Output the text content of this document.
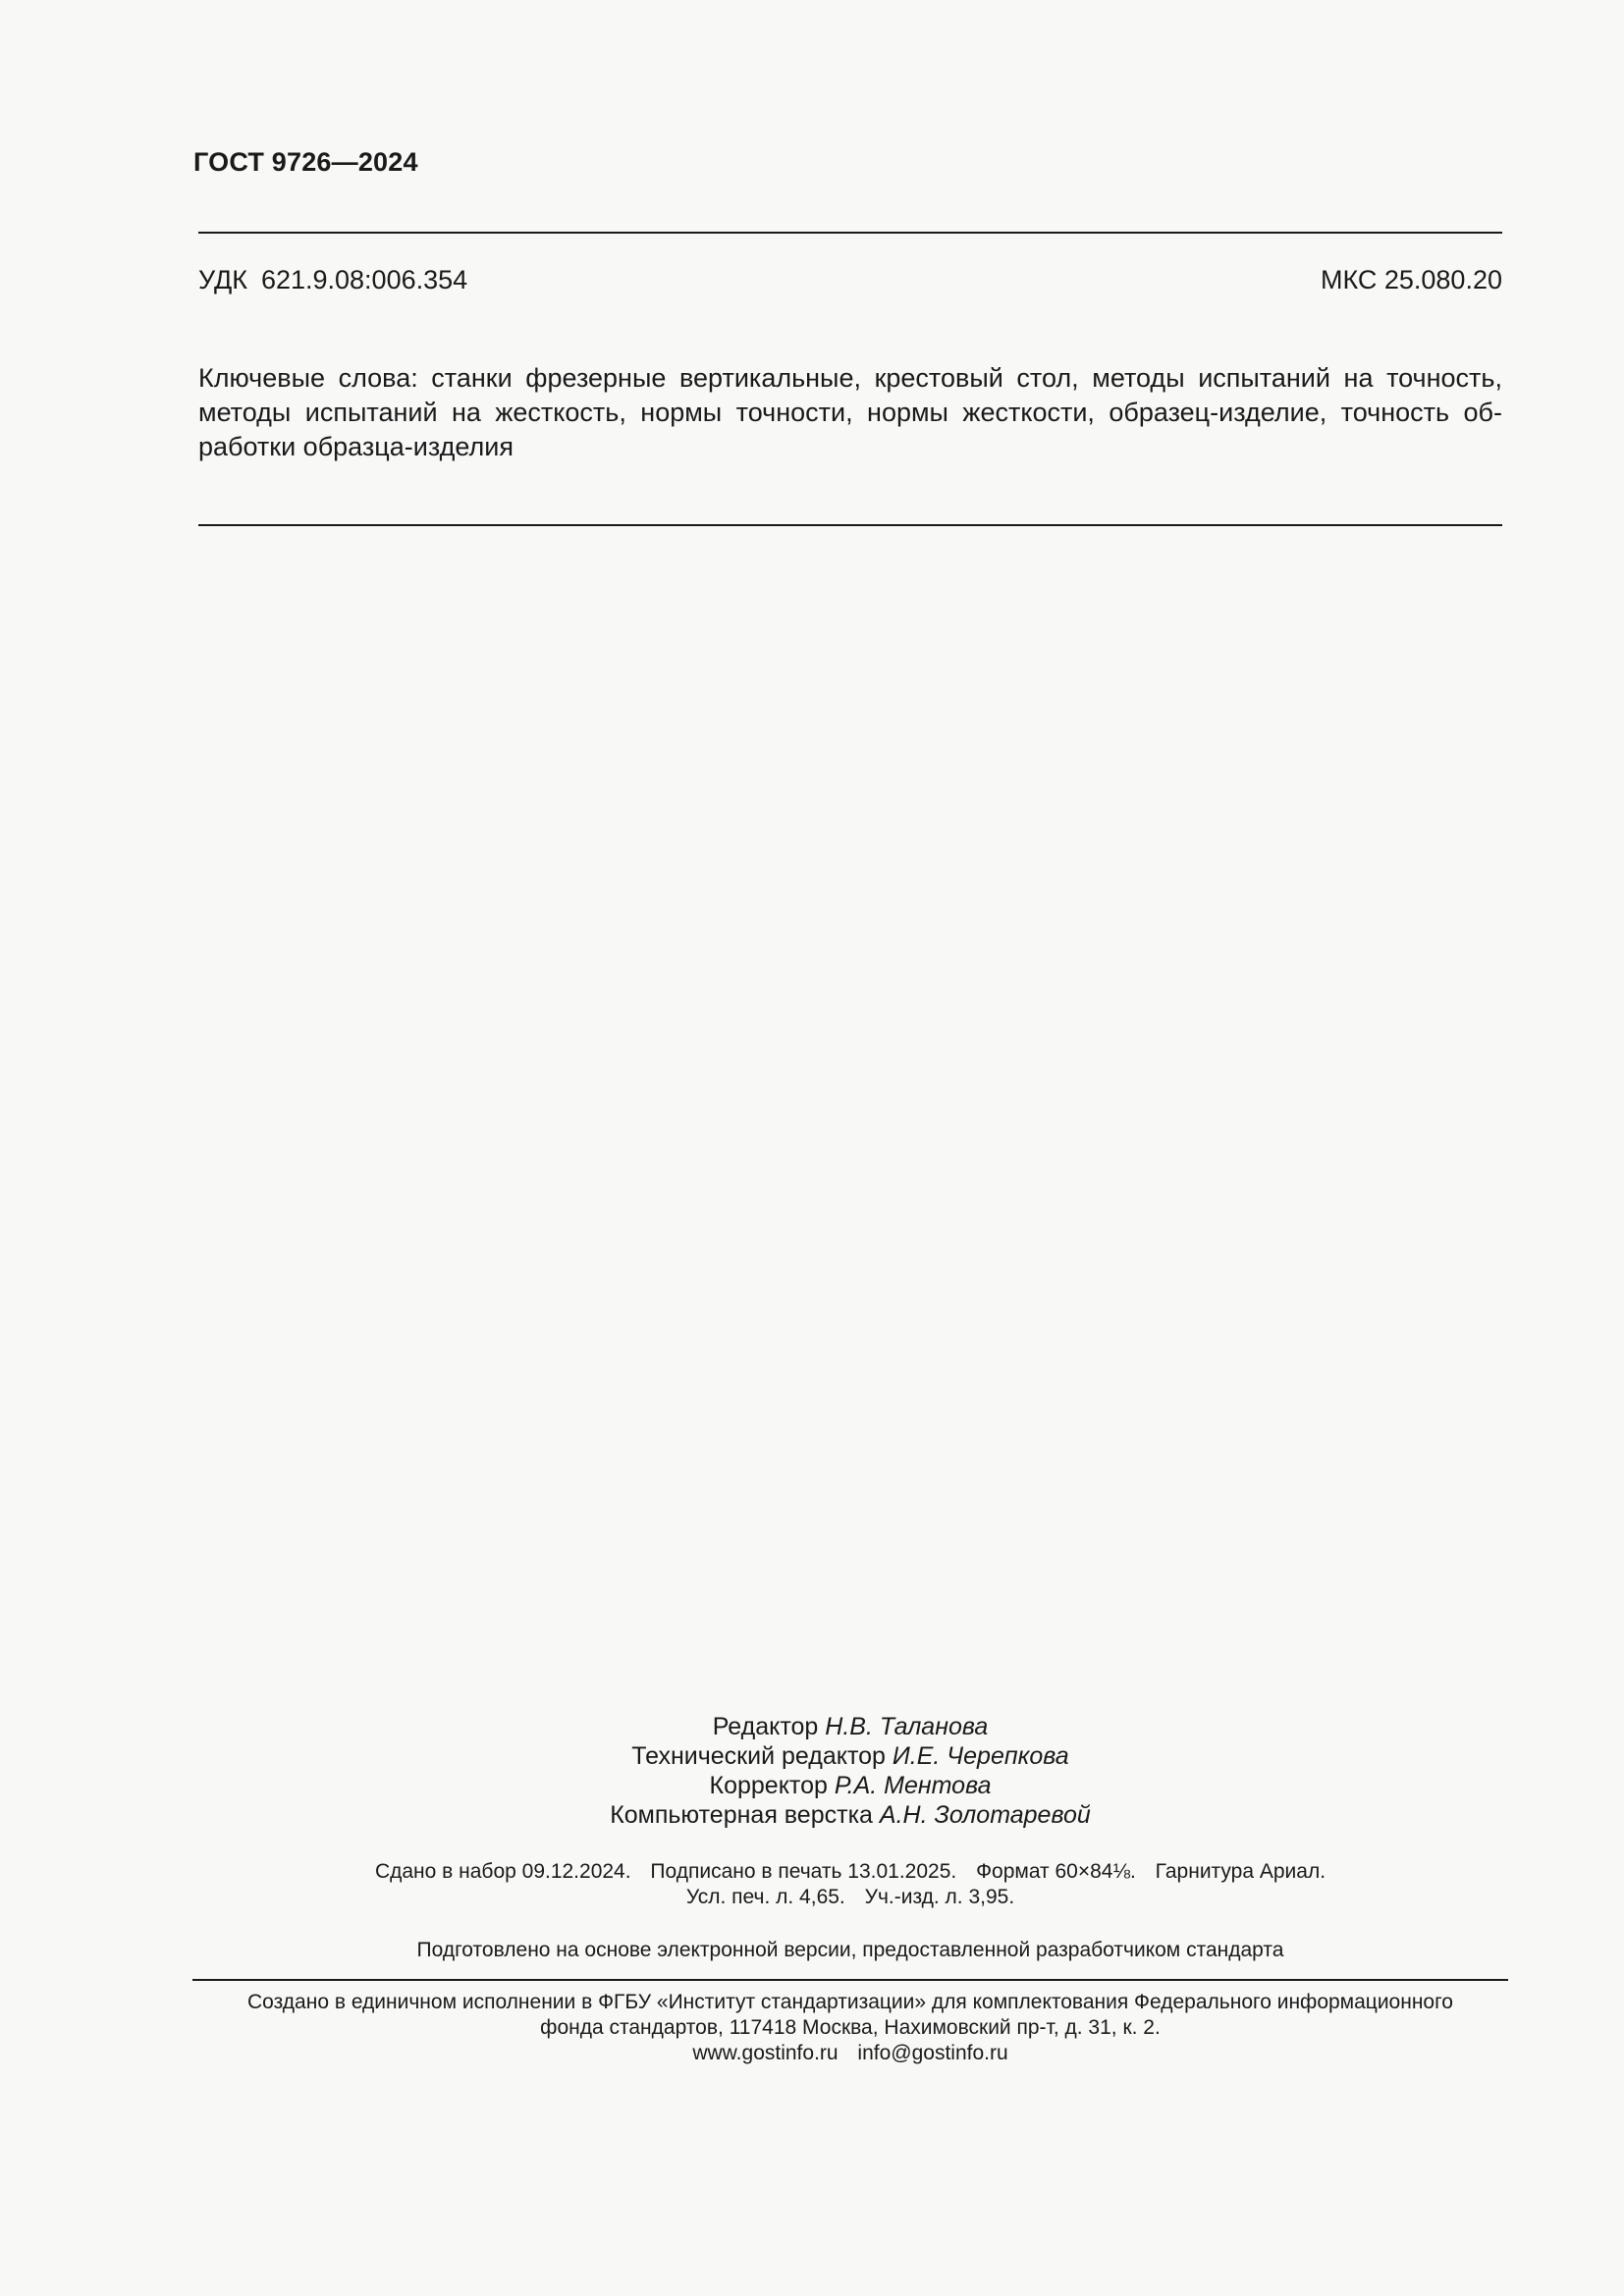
ГОСТ 9726—2024
УДК 621.9.08:006.354	МКС 25.080.20
Ключевые слова: станки фрезерные вертикальные, крестовый стол, методы испытаний на точность, методы испытаний на жесткость, нормы точности, нормы жесткости, образец-изделие, точность обработки образца-изделия
Редактор Н.В. Таланова
Технический редактор И.Е. Черепкова
Корректор Р.А. Ментова
Компьютерная верстка А.Н. Золотаревой
Сдано в набор 09.12.2024. Подписано в печать 13.01.2025. Формат 60×84⅛. Гарнитура Ариал.
Усл. печ. л. 4,65. Уч.-изд. л. 3,95.
Подготовлено на основе электронной версии, предоставленной разработчиком стандарта
Создано в единичном исполнении в ФГБУ «Институт стандартизации» для комплектования Федерального информационного
фонда стандартов, 117418 Москва, Нахимовский пр-т, д. 31, к. 2.
www.gostinfo.ru info@gostinfo.ru
